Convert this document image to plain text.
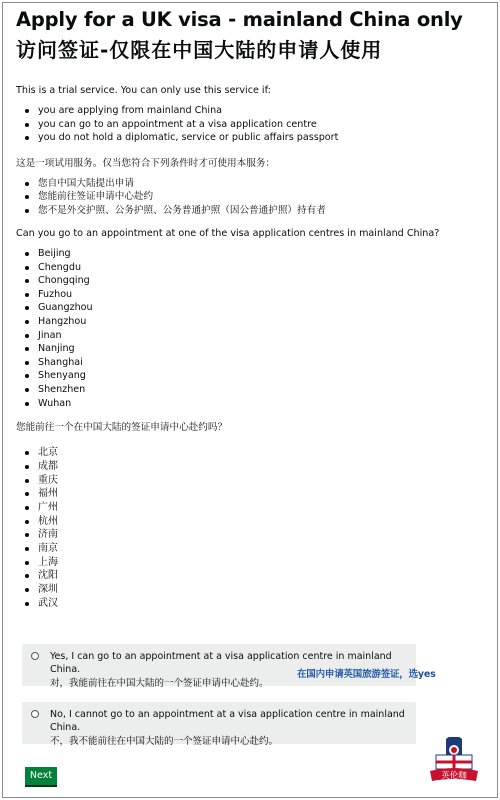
Apply for a UK visa - mainland China only
访问签证-仅限在中国大陆的申请人使用

This is a trial service. You can only use this service if:

you are applying from mainland China
you can go to an appointment at a visa application centre
you do not hold a diplomatic, service or public affairs passport

这是一项试用服务。仅当您符合下列条件时才可使用本服务：

您自中国大陆提出申请
您能前往签证申请中心赴约
您不是外交护照、公务护照、公务普通护照（因公普通护照）持有者

Can you go to an appointment at one of the visa application centres in mainland China?

Beijing
Chengdu
Chongqing
Fuzhou
Guangzhou
Hangzhou
Jinan
Nanjing
Shanghai
Shenyang
Shenzhen
Wuhan

您能前往一个在中国大陆的签证申请中心赴约吗？

北京
成都
重庆
福州
广州
杭州
济南
南京
上海
沈阳
深圳
武汉
Yes, I can go to an appointment at a visa application centre in mainland China.
对，我能前往在中国大陆的一个签证申请中心赴约。
在国内申请英国旅游签证，选yes
No, I cannot go to an appointment at a visa application centre in mainland China.
不，我不能前往在中国大陆的一个签证申请中心赴约。
Next	英伦咖
